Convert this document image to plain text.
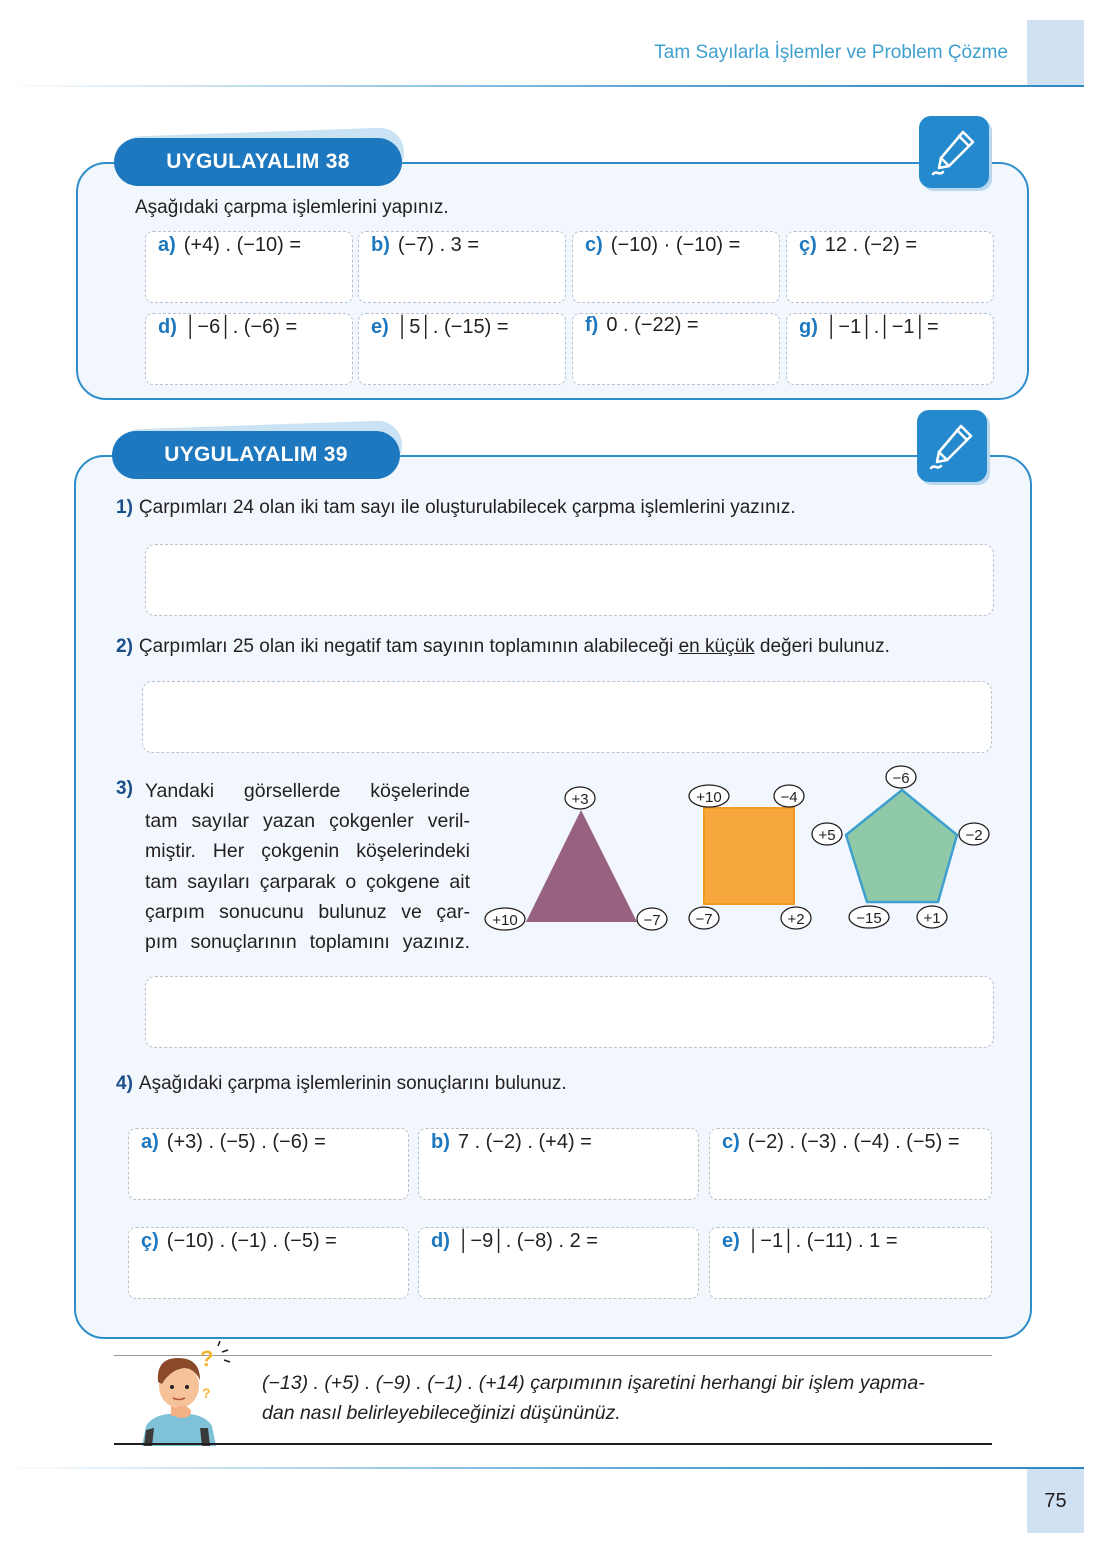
Tam Sayılarla İşlemler ve Problem Çözme
UYGULAYALIM 38
Aşağıdaki çarpma işlemlerini yapınız.
a) (+4) . (−10) =	b) (−7) . 3 =	c) (−10) · (−10) =	ç) 12 . (−2) =
d) │−6│. (−6) =	e) │5│. (−15) =	f) 0 . (−22) =	g) │−1│.│−1│=
UYGULAYALIM 39
1) Çarpımları 24 olan iki tam sayı ile oluşturulabilecek çarpma işlemlerini yazınız.
2) Çarpımları 25 olan iki negatif tam sayının toplamının alabileceği en küçük değeri bulunuz.
3) Yandaki görsellerde köşelerinde
tam sayılar yazan çokgenler veril-
miştir. Her çokgenin köşelerindeki
tam sayıları çarparak o çokgene ait
çarpım sonucunu bulunuz ve çar-
pım sonuçlarının toplamını yazınız.
+3
+10	−7
+10	−4
−7	+2
−6
+5	−2
−15	+1
4) Aşağıdaki çarpma işlemlerinin sonuçlarını bulunuz.
a) (+3) . (−5) . (−6) =	b) 7 . (−2) . (+4) =	c) (−2) . (−3) . (−4) . (−5) =
ç) (−10) . (−1) . (−5) =	d) │−9│. (−8) . 2 =	e) │−1│. (−11) . 1 =
?
?	(−13) . (+5) . (−9) . (−1) . (+14) çarpımının işaretini herhangi bir işlem yapma-
dan nasıl belirleyebileceğinizi düşününüz.
75
